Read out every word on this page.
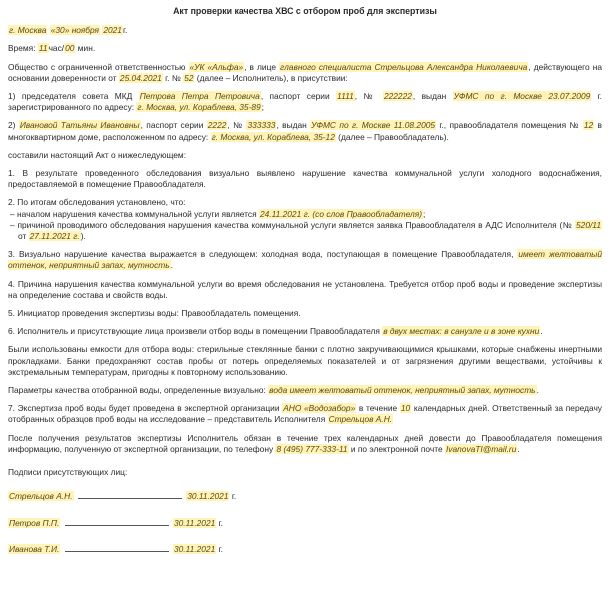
Акт проверки качества ХВС с отбором проб для экспертизы

г. Москва «30» ноября 2021г.

Время: 11час/00 мин.

Общество с ограниченной ответственностью «УК «Альфа», в лице главного специалиста Стрельцова Александра Николаевича, действующего на основании доверенности от 25.04.2021 г. № 52 (далее – Исполнитель), в присутствии:

1) председателя совета МКД Петрова Петра Петровича, паспорт серии 1111, № 222222, выдан УФМС по г. Москве 23.07.2009 г. зарегистрированного по адресу: г. Москва, ул. Кораблева, 35-89;

2) Ивановой Татьяны Ивановны, паспорт серии 2222, № 333333, выдан УФМС по г. Москве 11.08.2005 г., правообладателя помещения № 12 в многоквартирном доме, расположенном по адресу: г. Москва, ул. Кораблева, 35-12 (далее – Правообладатель).

составили настоящий Акт о нижеследующем:

1. В результате проведенного обследования визуально выявлено нарушение качества коммунальной услуги холодного водоснабжения, предоставляемой в помещение Правообладателя.

2. По итогам обследования установлено, что:
– началом нарушения качества коммунальной услуги является 24.11.2021 г. (со слов Правообладателя);
– причиной проводимого обследования нарушения качества коммунальной услуги является заявка Правообладателя в АДС Исполнителя (№ 520/11 от 27.11.2021 г.).

3. Визуально нарушение качества выражается в следующем: холодная вода, поступающая в помещение Правообладателя, имеет желтоватый оттенок, неприятный запах, мутность.

4. Причина нарушения качества коммунальной услуги во время обследования не установлена. Требуется отбор проб воды и проведение экспертизы на определение состава и свойств воды.

5. Инициатор проведения экспертизы воды: Правообладатель помещения.

6. Исполнитель и присутствующие лица произвели отбор воды в помещении Правообладателя в двух местах: в санузле и в зоне кухни.

Были использованы емкости для отбора воды: стерильные стеклянные банки с плотно закручивающимися крышками, которые снабжены инертными прокладками. Банки предохраняют состав пробы от потерь определяемых показателей и от загрязнения другими веществами, устойчивы к экстремальным температурам, пригодны к повторному использованию.

Параметры качества отобранной воды, определенные визуально: вода имеет желтоватый оттенок, неприятный запах, мутность.

7. Экспертиза проб воды будет проведена в экспертной организации АНО «Водозабор» в течение 10 календарных дней. Ответственный за передачу отобранных образцов проб воды на исследование – представитель Исполнителя Стрельцов А.Н.

После получения результатов экспертизы Исполнитель обязан в течение трех календарных дней довести до Правообладателя помещения информацию, полученную от экспертной организации, по телефону 8 (495) 777-333-11 и по электронной почте IvanovaTI@mail.ru.

Подписи присутствующих лиц:

Стрельцов А.Н.	30.11.2021 г.
Петров П.П.	30.11.2021 г.
Иванова Т.И.	30.11.2021 г.
